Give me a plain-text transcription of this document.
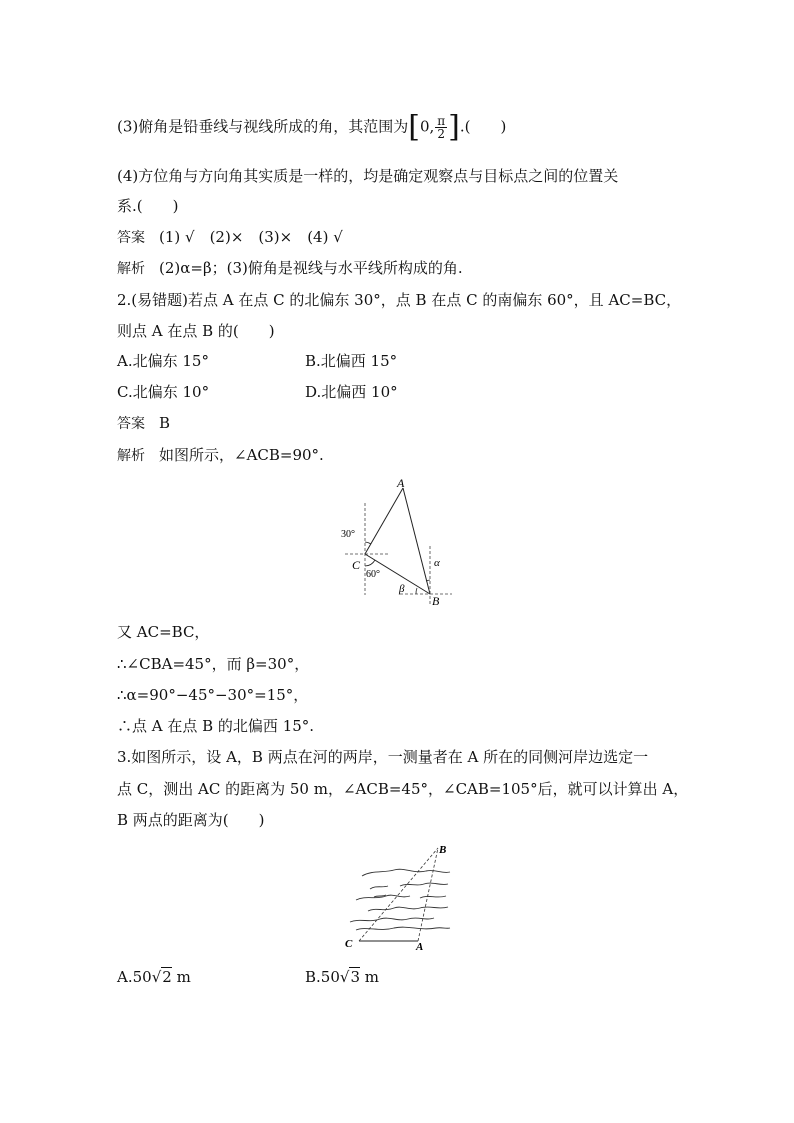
(3)俯角是铅垂线与视线所成的角，其范围为[0, $\frac{\pi}{2}$ ].(　　)
(4)方位角与方向角其实质是一样的，均是确定观察点与目标点之间的位置关
系.(　　)
答案 (1) √　(2)×　(3)×　(4) √
解析 (2)α=β；(3)俯角是视线与水平线所构成的角.
2.(易错题)若点 A 在点 C 的北偏东 30°，点 B 在点 C 的南偏东 60°，且 AC=BC，
则点 A 在点 B 的(　　)
A.北偏东 15°	B.北偏西 15°
C.北偏东 10°	D.北偏西 10°
答案 B
解析 如图所示，∠ACB=90°.
A
C
B
30°
60°
α
β
又 AC=BC，
∴∠CBA=45°，而 β=30°，
∴α=90°−45°−30°=15°，
∴点 A 在点 B 的北偏西 15°.
3.如图所示，设 A，B 两点在河的两岸，一测量者在 A 所在的同侧河岸边选定一
点 C，测出 AC 的距离为 50 m，∠ACB=45°，∠CAB=105°后，就可以计算出 A，
B 两点的距离为(　　)
C	A
B
A.50√2 m	B.50√3 m
